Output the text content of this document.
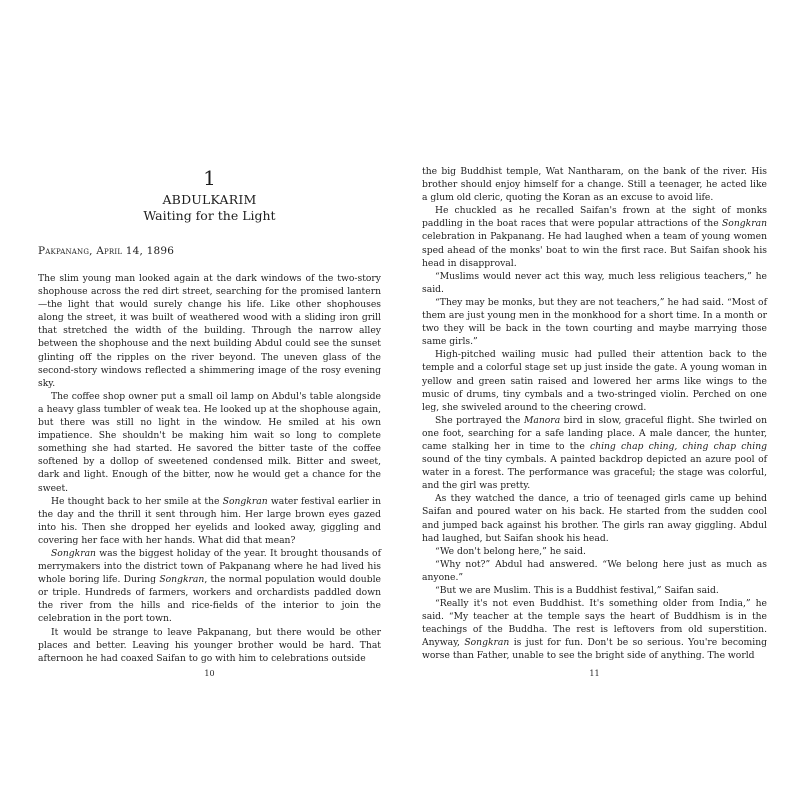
1
ABDULKARIM
Waiting for the Light
Pakpanang, April 14, 1896

The slim young man looked again at the dark windows of the two-story shophouse across the red dirt street, searching for the promised lantern—the light that would surely change his life. Like other shophouses along the street, it was built of weathered wood with a sliding iron grill that stretched the width of the building. Through the narrow alley between the shophouse and the next building Abdul could see the sunset glinting off the ripples on the river beyond. The uneven glass of the second-story windows reflected a shimmering image of the rosy evening sky.

The coffee shop owner put a small oil lamp on Abdul's table alongside a heavy glass tumbler of weak tea. He looked up at the shophouse again, but there was still no light in the window. He smiled at his own impatience. She shouldn't be making him wait so long to complete something she had started. He savored the bitter taste of the coffee softened by a dollop of sweetened condensed milk. Bitter and sweet, dark and light. Enough of the bitter, now he would get a chance for the sweet.

He thought back to her smile at the Songkran water festival earlier in the day and the thrill it sent through him. Her large brown eyes gazed into his. Then she dropped her eyelids and looked away, giggling and covering her face with her hands. What did that mean?

Songkran was the biggest holiday of the year. It brought thousands of merrymakers into the district town of Pakpanang where he had lived his whole boring life. During Songkran, the normal population would double or triple. Hundreds of farmers, workers and orchardists paddled down the river from the hills and rice-fields of the interior to join the celebration in the port town.

It would be strange to leave Pakpanang, but there would be other places and better. Leaving his younger brother would be hard. That afternoon he had coaxed Saifan to go with him to celebrations outside

10

the big Buddhist temple, Wat Nantharam, on the bank of the river. His brother should enjoy himself for a change. Still a teenager, he acted like a glum old cleric, quoting the Koran as an excuse to avoid life.

He chuckled as he recalled Saifan's frown at the sight of monks paddling in the boat races that were popular attractions of the Songkran celebration in Pakpanang. He had laughed when a team of young women sped ahead of the monks' boat to win the first race. But Saifan shook his head in disapproval.

“Muslims would never act this way, much less religious teachers,” he said.

“They may be monks, but they are not teachers,” he had said. “Most of them are just young men in the monkhood for a short time. In a month or two they will be back in the town courting and maybe marrying those same girls.”

High-pitched wailing music had pulled their attention back to the temple and a colorful stage set up just inside the gate. A young woman in yellow and green satin raised and lowered her arms like wings to the music of drums, tiny cymbals and a two-stringed violin. Perched on one leg, she swiveled around to the cheering crowd.

She portrayed the Manora bird in slow, graceful flight. She twirled on one foot, searching for a safe landing place. A male dancer, the hunter, came stalking her in time to the ching chap ching, ching chap ching sound of the tiny cymbals. A painted backdrop depicted an azure pool of water in a forest. The performance was graceful; the stage was colorful, and the girl was pretty.

As they watched the dance, a trio of teenaged girls came up behind Saifan and poured water on his back. He started from the sudden cool and jumped back against his brother. The girls ran away giggling. Abdul had laughed, but Saifan shook his head.

“We don't belong here,” he said.

“Why not?” Abdul had answered. “We belong here just as much as anyone.”

“But we are Muslim. This is a Buddhist festival,” Saifan said.

“Really it's not even Buddhist. It's something older from India,” he said. “My teacher at the temple says the heart of Buddhism is in the teachings of the Buddha. The rest is leftovers from old superstition. Anyway, Songkran is just for fun. Don't be so serious. You're becoming worse than Father, unable to see the bright side of anything. The world

11
